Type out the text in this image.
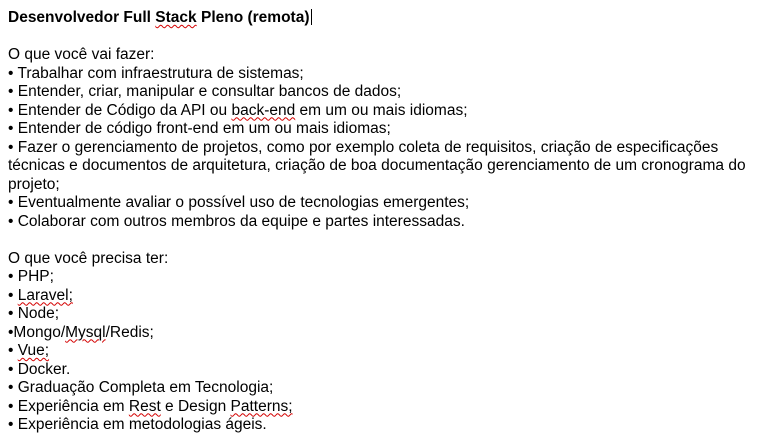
Desenvolvedor Full Stack Pleno (remota)
O que você vai fazer:
• Trabalhar com infraestrutura de sistemas;
• Entender, criar, manipular e consultar bancos de dados;
• Entender de Código da API ou back-end em um ou mais idiomas;
• Entender de código front-end em um ou mais idiomas;
• Fazer o gerenciamento de projetos, como por exemplo coleta de requisitos, criação de especificações técnicas e documentos de arquitetura, criação de boa documentação gerenciamento de um cronograma do projeto;
• Eventualmente avaliar o possível uso de tecnologias emergentes;
• Colaborar com outros membros da equipe e partes interessadas.
O que você precisa ter:
• PHP;
• Laravel;
• Node;
•Mongo/Mysql/Redis;
• Vue;
• Docker.
• Graduação Completa em Tecnologia;
• Experiência em Rest e Design Patterns;
• Experiência em metodologias ágeis.
